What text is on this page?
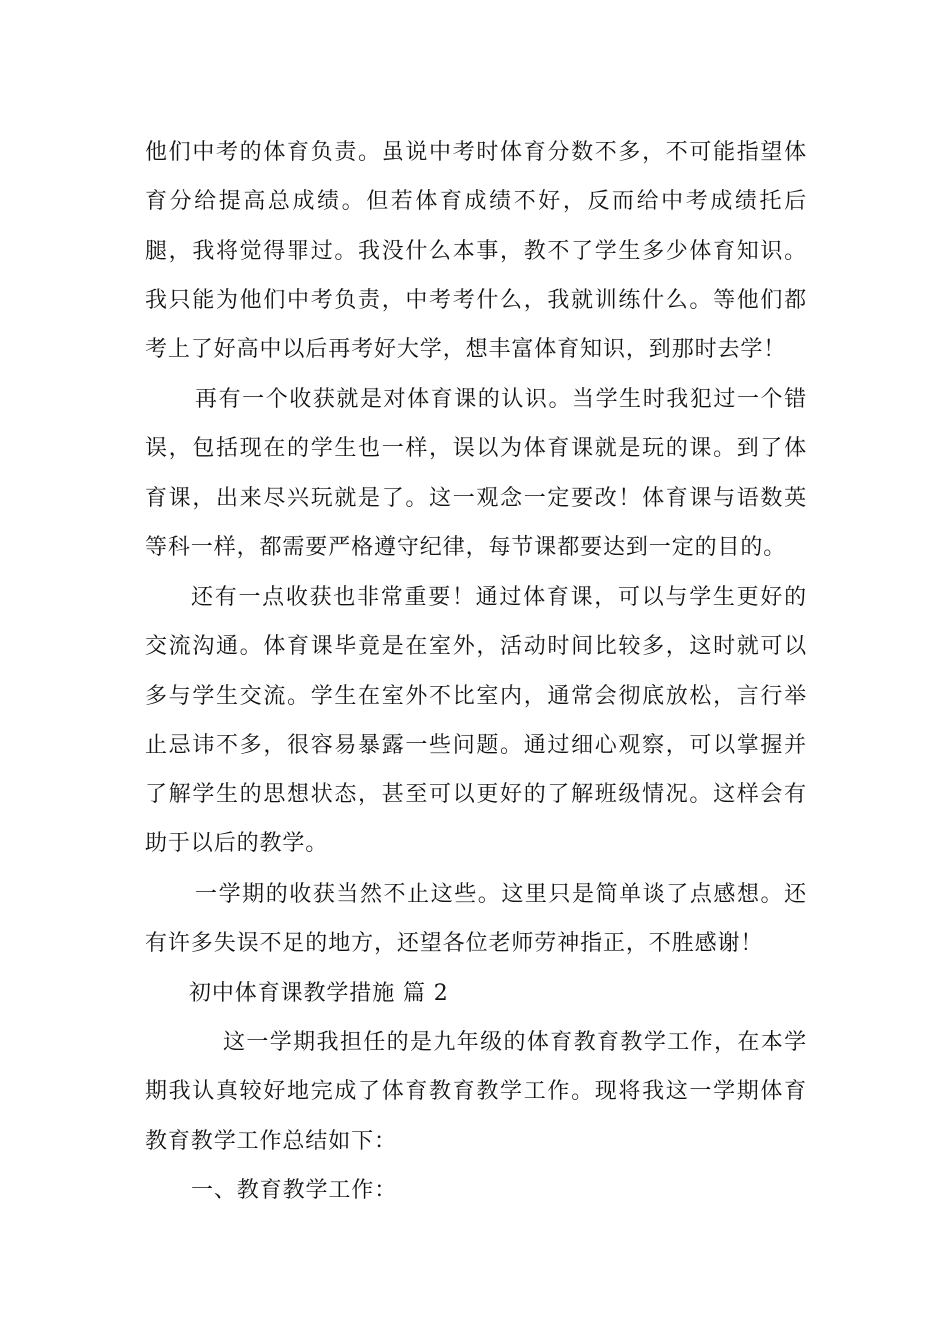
他们中考的体育负责。虽说中考时体育分数不多，不可能指望体育分给提高总成绩。但若体育成绩不好，反而给中考成绩托后腿，我将觉得罪过。我没什么本事，教不了学生多少体育知识。我只能为他们中考负责，中考考什么，我就训练什么。等他们都考上了好高中以后再考好大学，想丰富体育知识，到那时去学！

再有一个收获就是对体育课的认识。当学生时我犯过一个错误，包括现在的学生也一样，误以为体育课就是玩的课。到了体育课，出来尽兴玩就是了。这一观念一定要改！体育课与语数英等科一样，都需要严格遵守纪律，每节课都要达到一定的目的。

还有一点收获也非常重要！通过体育课，可以与学生更好的交流沟通。体育课毕竟是在室外，活动时间比较多，这时就可以多与学生交流。学生在室外不比室内，通常会彻底放松，言行举止忌讳不多，很容易暴露一些问题。通过细心观察，可以掌握并了解学生的思想状态，甚至可以更好的了解班级情况。这样会有助于以后的教学。

一学期的收获当然不止这些。这里只是简单谈了点感想。还有许多失误不足的地方，还望各位老师劳神指正，不胜感谢！

初中体育课教学措施 篇 2

这一学期我担任的是九年级的体育教育教学工作，在本学期我认真较好地完成了体育教育教学工作。现将我这一学期体育教育教学工作总结如下：

一、教育教学工作：
